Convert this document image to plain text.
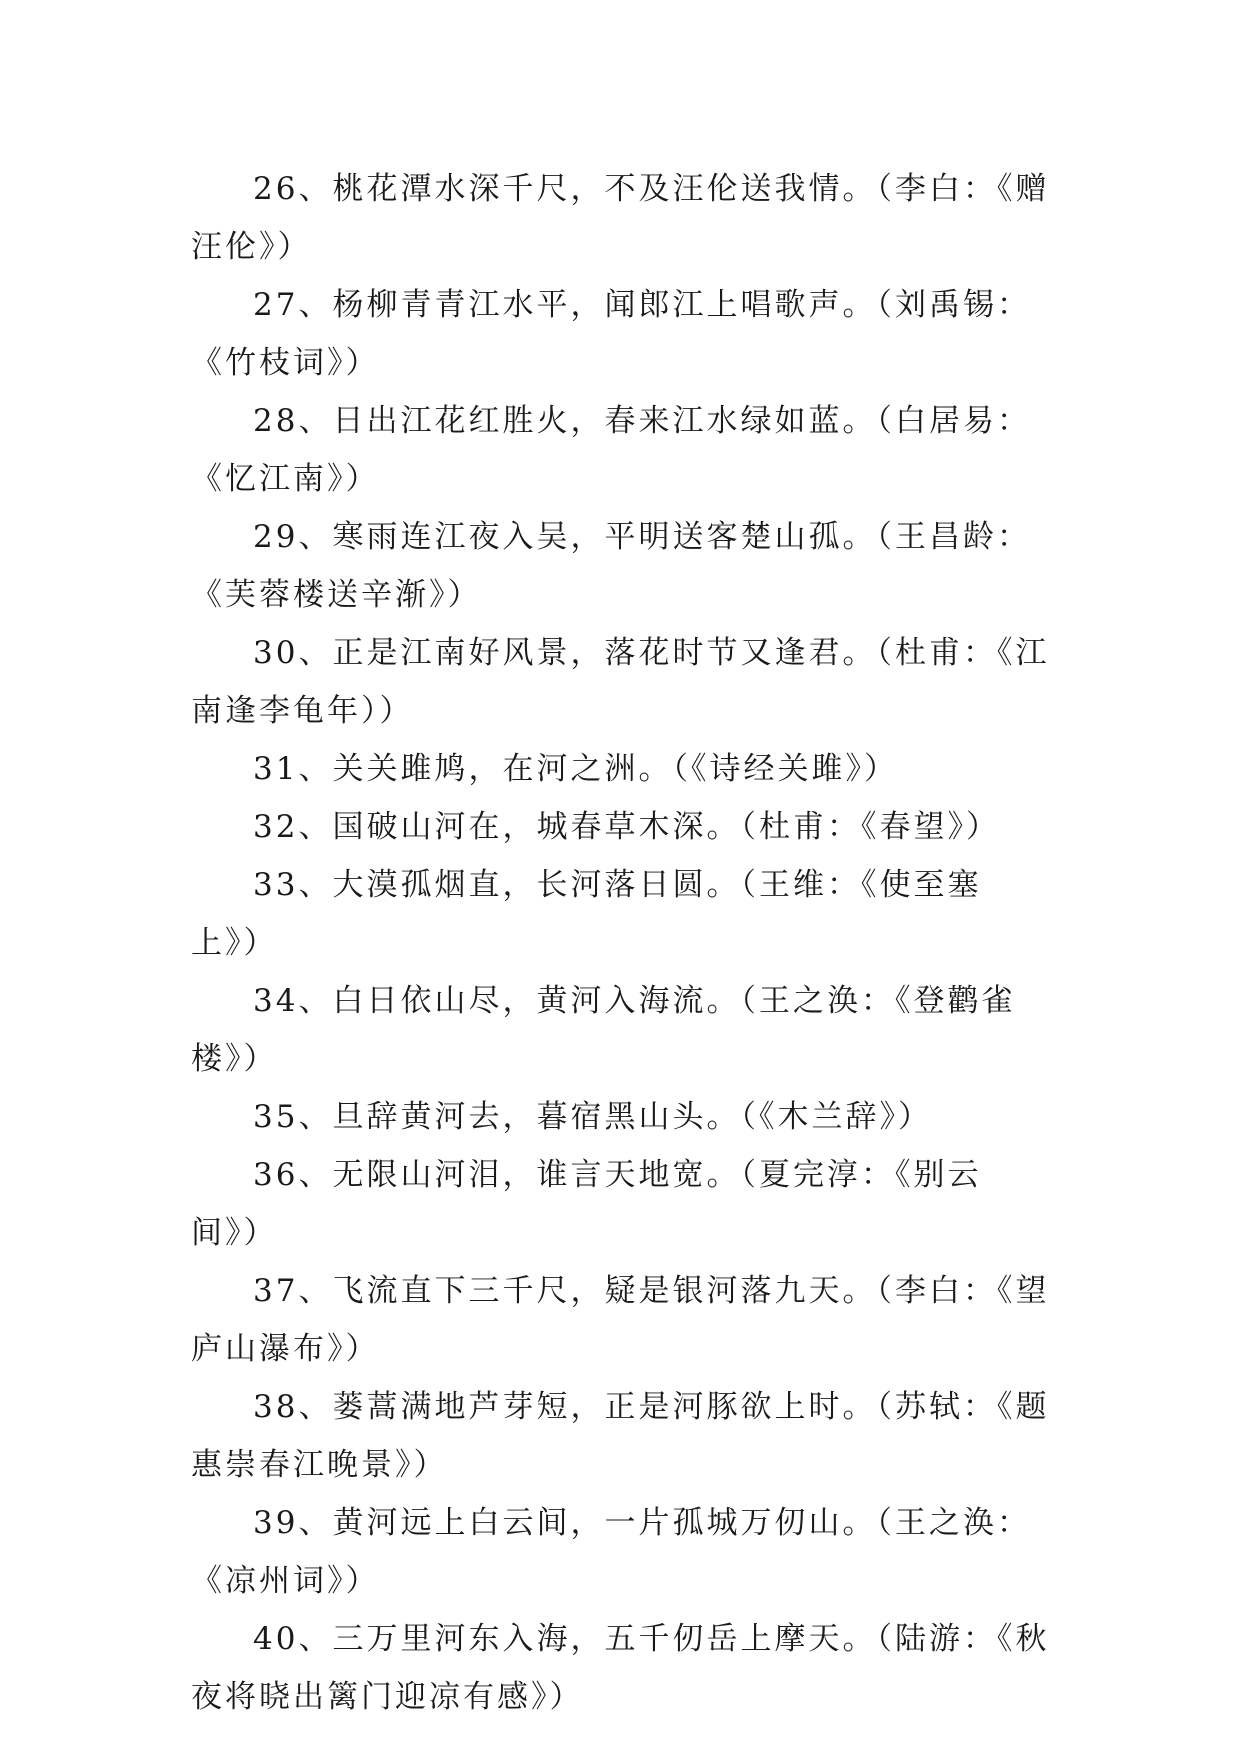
26、桃花潭水深千尺，不及汪伦送我情。（李白：《赠汪伦》）

27、杨柳青青江水平，闻郎江上唱歌声。（刘禹锡：《竹枝词》）

28、日出江花红胜火，春来江水绿如蓝。（白居易：《忆江南》）

29、寒雨连江夜入吴，平明送客楚山孤。（王昌龄：《芙蓉楼送辛渐》）

30、正是江南好风景，落花时节又逢君。（杜甫：《江南逢李龟年））

31、关关雎鸠，在河之洲。（《诗经关雎》）

32、国破山河在，城春草木深。（杜甫：《春望》）

33、大漠孤烟直，长河落日圆。（王维：《使至塞上》）

34、白日依山尽，黄河入海流。（王之涣：《登鹳雀楼》）

35、旦辞黄河去，暮宿黑山头。（《木兰辞》）

36、无限山河泪，谁言天地宽。（夏完淳：《别云间》）

37、飞流直下三千尺，疑是银河落九天。（李白：《望庐山瀑布》）

38、蒌蒿满地芦芽短，正是河豚欲上时。（苏轼：《题惠崇春江晚景》）

39、黄河远上白云间，一片孤城万仞山。（王之涣：《凉州词》）

40、三万里河东入海，五千仞岳上摩天。（陆游：《秋夜将晓出篱门迎凉有感》）
